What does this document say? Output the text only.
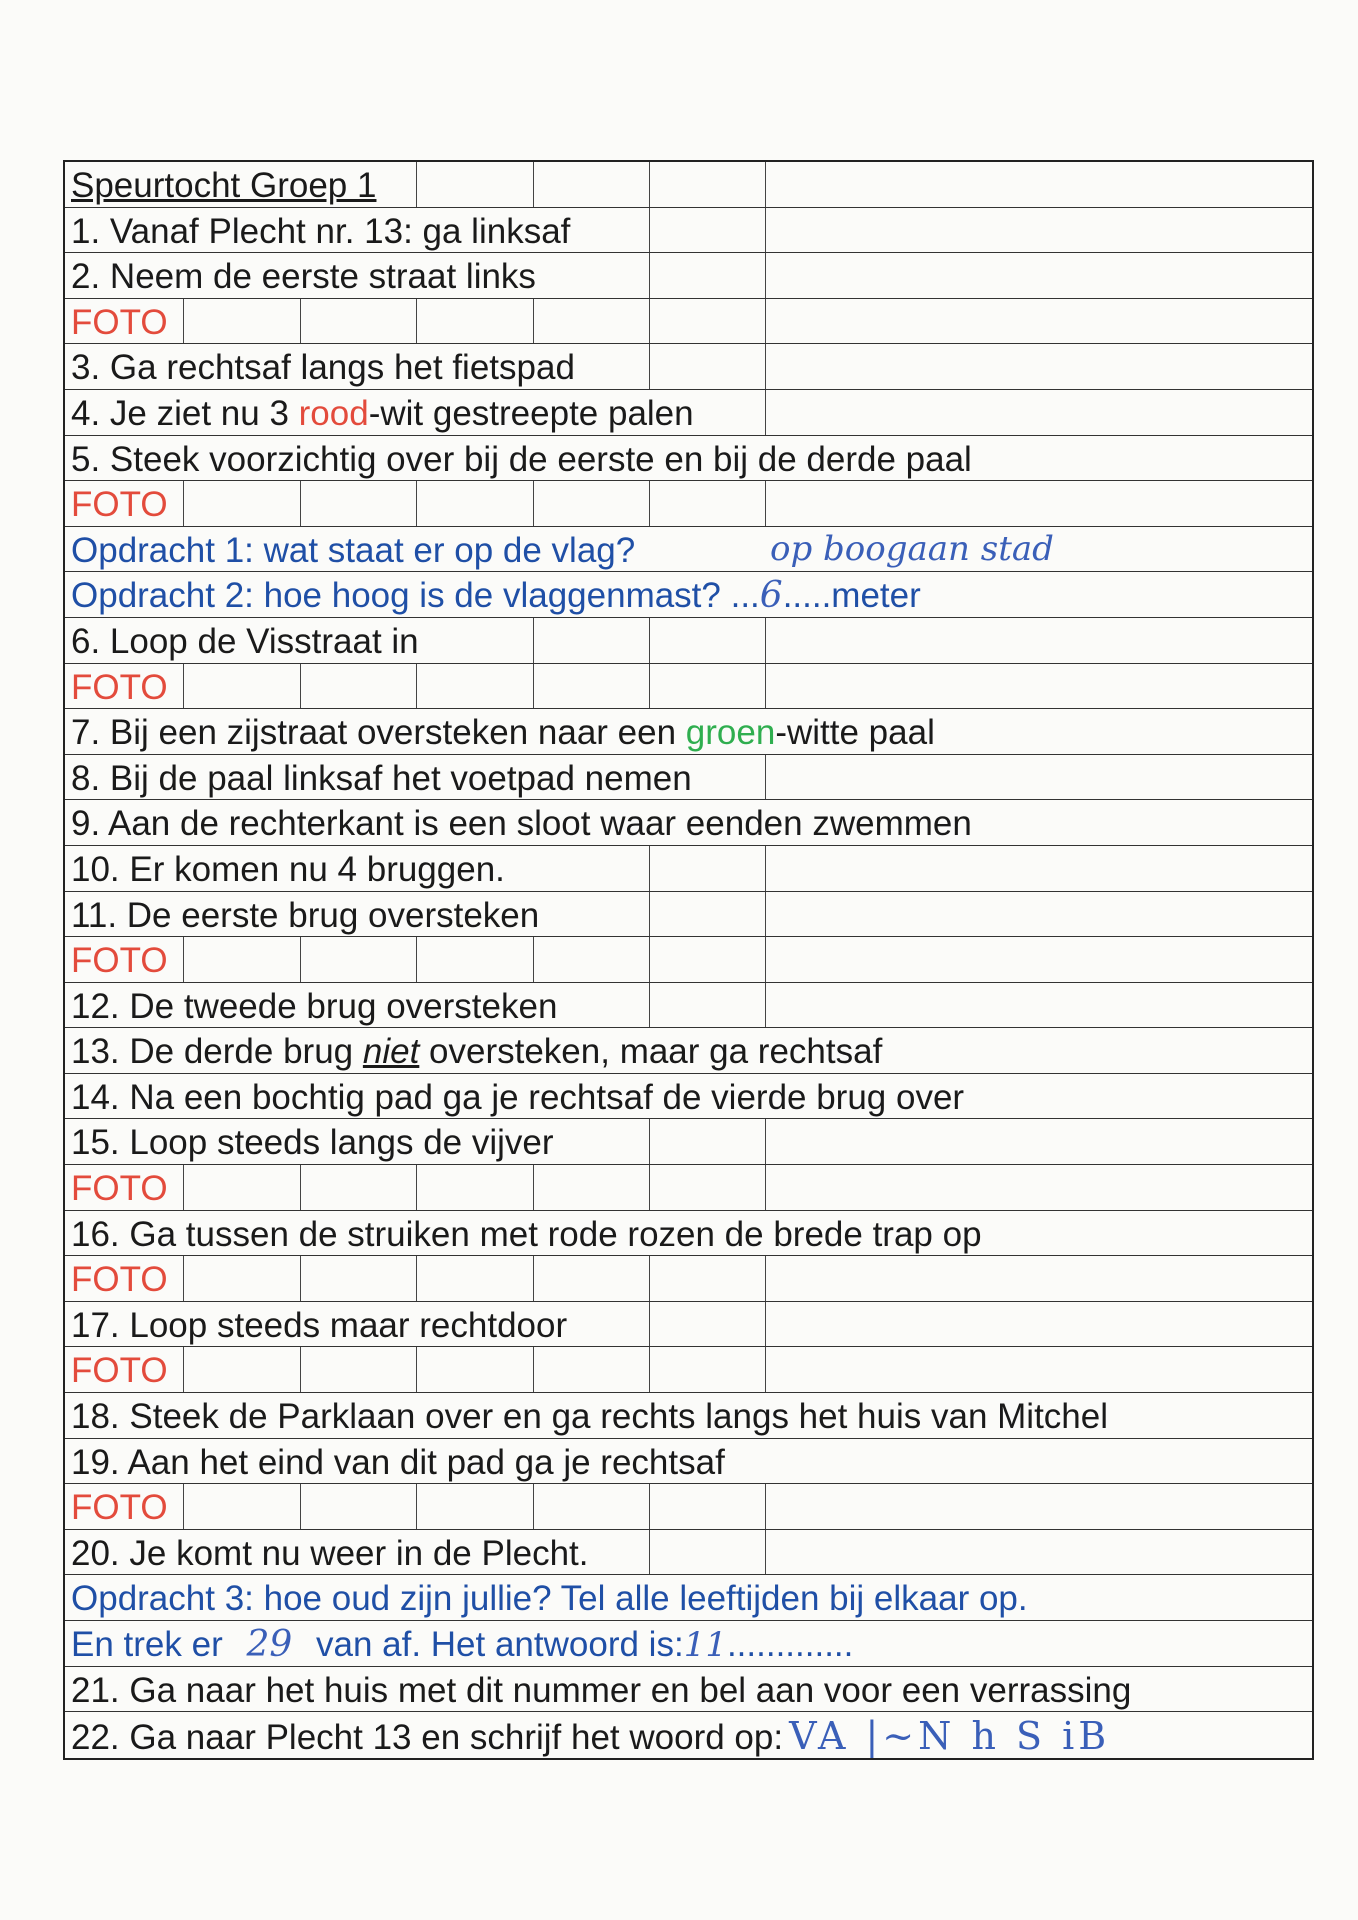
Speurtocht Groep 1
1. Vanaf Plecht nr. 13: ga linksaf
2. Neem de eerste straat links
FOTO
3. Ga rechtsaf langs het fietspad
4. Je ziet nu 3 rood-wit gestreepte palen
5. Steek voorzichtig over bij de eerste en bij de derde paal
FOTO
Opdracht 1: wat staat er op de vlag?	op boogaan stad
Opdracht 2: hoe hoog is de vlaggenmast? ...6.....meter
6. Loop de Visstraat in
FOTO
7. Bij een zijstraat oversteken naar een groen-witte paal
8. Bij de paal linksaf het voetpad nemen
9. Aan de rechterkant is een sloot waar eenden zwemmen
10. Er komen nu 4 bruggen.
11. De eerste brug oversteken
FOTO
12. De tweede brug oversteken
13. De derde brug niet oversteken, maar ga rechtsaf
14. Na een bochtig pad ga je rechtsaf de vierde brug over
15. Loop steeds langs de vijver
FOTO
16. Ga tussen de struiken met rode rozen de brede trap op
FOTO
17. Loop steeds maar rechtdoor
FOTO
18. Steek de Parklaan over en ga rechts langs het huis van Mitchel
19. Aan het eind van dit pad ga je rechtsaf
FOTO
20. Je komt nu weer in de Plecht.
Opdracht 3: hoe oud zijn jullie? Tel alle leeftijden bij elkaar op.
En trek er 29 van af. Het antwoord is:11.............
21. Ga naar het huis met dit nummer en bel aan voor een verrassing
22. Ga naar Plecht 13 en schrijf het woord op: VA |~N h S iB
